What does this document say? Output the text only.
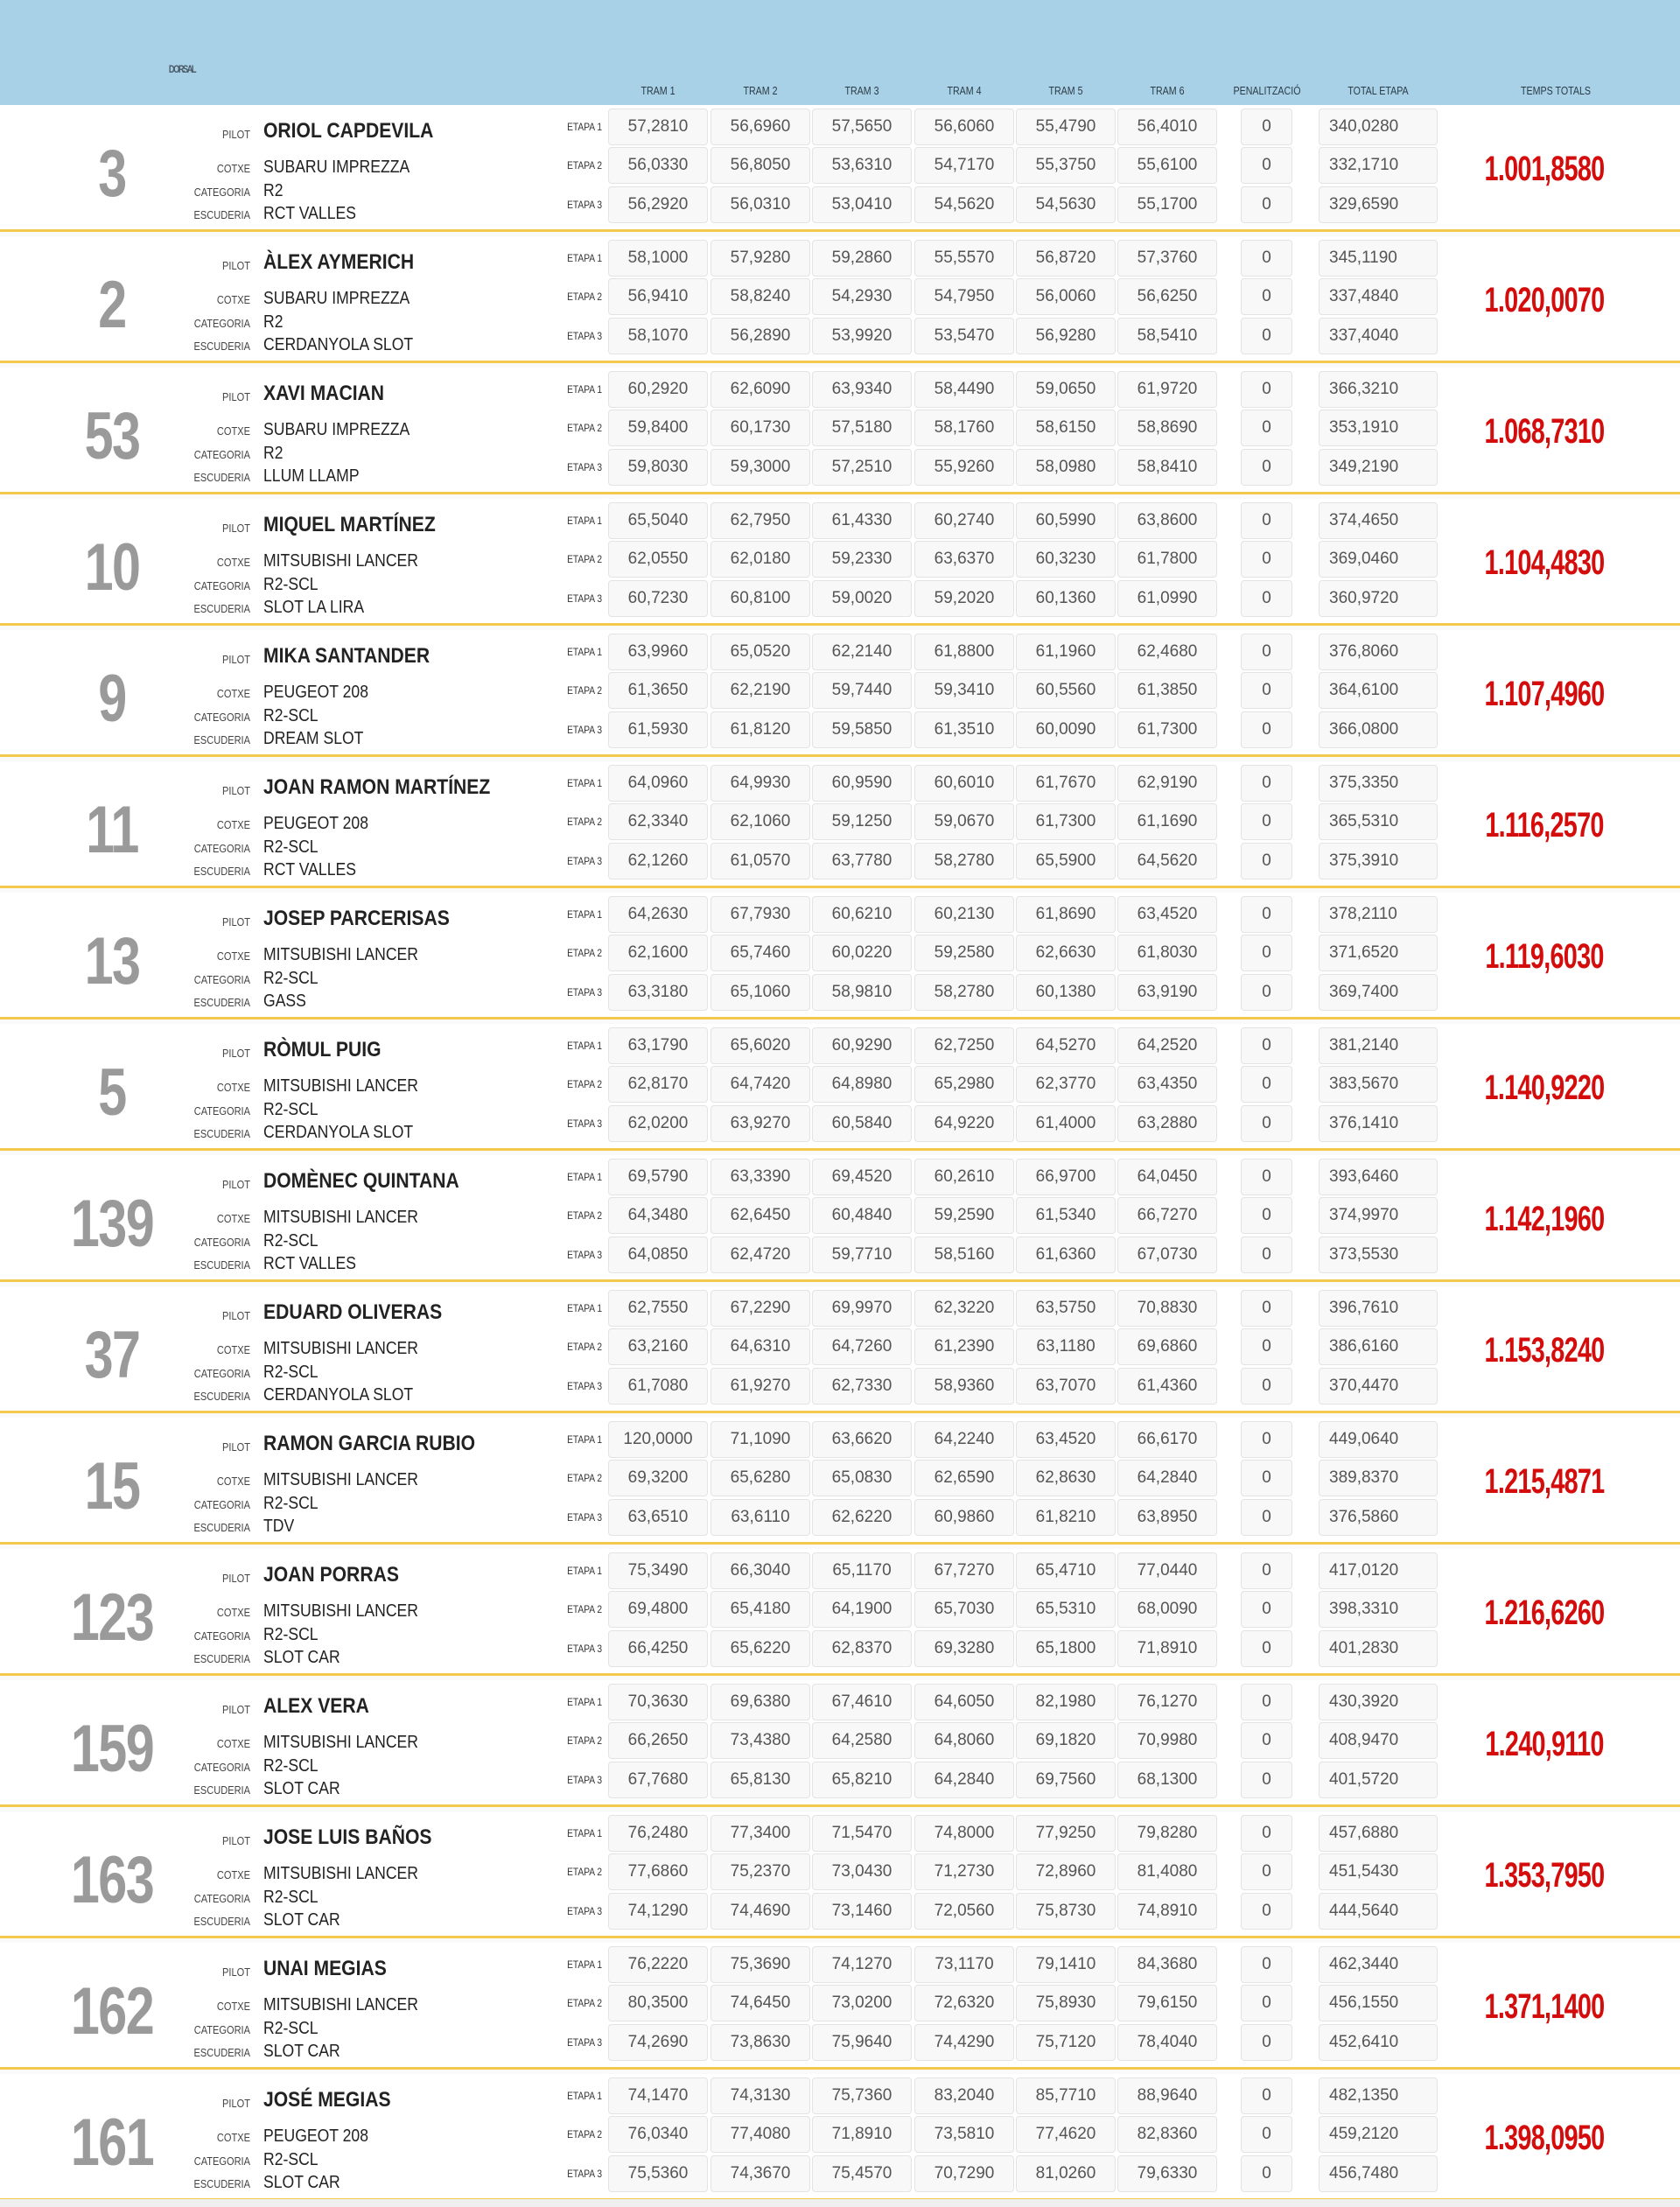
DORSAL
TRAM 1	TRAM 2	TRAM 3	TRAM 4	TRAM 5	TRAM 6	PENALITZACIÓ	TOTAL ETAPA	TEMPS TOTALS
3
PILOT ORIOL CAPDEVILA
COTXE SUBARU IMPREZZA
CATEGORIA R2
ESCUDERIA RCT VALLES
ETAPA 1	57,2810	56,6960	57,5650	56,6060	55,4790	56,4010	0	340,0280
ETAPA 2	56,0330	56,8050	53,6310	54,7170	55,3750	55,6100	0	332,1710
ETAPA 3	56,2920	56,0310	53,0410	54,5620	54,5630	55,1700	0	329,6590
1.001,8580
2
PILOT ÀLEX AYMERICH
COTXE SUBARU IMPREZZA
CATEGORIA R2
ESCUDERIA CERDANYOLA SLOT
ETAPA 1	58,1000	57,9280	59,2860	55,5570	56,8720	57,3760	0	345,1190
ETAPA 2	56,9410	58,8240	54,2930	54,7950	56,0060	56,6250	0	337,4840
ETAPA 3	58,1070	56,2890	53,9920	53,5470	56,9280	58,5410	0	337,4040
1.020,0070
53
PILOT XAVI MACIAN
COTXE SUBARU IMPREZZA
CATEGORIA R2
ESCUDERIA LLUM LLAMP
ETAPA 1	60,2920	62,6090	63,9340	58,4490	59,0650	61,9720	0	366,3210
ETAPA 2	59,8400	60,1730	57,5180	58,1760	58,6150	58,8690	0	353,1910
ETAPA 3	59,8030	59,3000	57,2510	55,9260	58,0980	58,8410	0	349,2190
1.068,7310
10
PILOT MIQUEL MARTÍNEZ
COTXE MITSUBISHI LANCER
CATEGORIA R2-SCL
ESCUDERIA SLOT LA LIRA
ETAPA 1	65,5040	62,7950	61,4330	60,2740	60,5990	63,8600	0	374,4650
ETAPA 2	62,0550	62,0180	59,2330	63,6370	60,3230	61,7800	0	369,0460
ETAPA 3	60,7230	60,8100	59,0020	59,2020	60,1360	61,0990	0	360,9720
1.104,4830
9
PILOT MIKA SANTANDER
COTXE PEUGEOT 208
CATEGORIA R2-SCL
ESCUDERIA DREAM SLOT
ETAPA 1	63,9960	65,0520	62,2140	61,8800	61,1960	62,4680	0	376,8060
ETAPA 2	61,3650	62,2190	59,7440	59,3410	60,5560	61,3850	0	364,6100
ETAPA 3	61,5930	61,8120	59,5850	61,3510	60,0090	61,7300	0	366,0800
1.107,4960
11
PILOT JOAN RAMON MARTÍNEZ
COTXE PEUGEOT 208
CATEGORIA R2-SCL
ESCUDERIA RCT VALLES
ETAPA 1	64,0960	64,9930	60,9590	60,6010	61,7670	62,9190	0	375,3350
ETAPA 2	62,3340	62,1060	59,1250	59,0670	61,7300	61,1690	0	365,5310
ETAPA 3	62,1260	61,0570	63,7780	58,2780	65,5900	64,5620	0	375,3910
1.116,2570
13
PILOT JOSEP PARCERISAS
COTXE MITSUBISHI LANCER
CATEGORIA R2-SCL
ESCUDERIA GASS
ETAPA 1	64,2630	67,7930	60,6210	60,2130	61,8690	63,4520	0	378,2110
ETAPA 2	62,1600	65,7460	60,0220	59,2580	62,6630	61,8030	0	371,6520
ETAPA 3	63,3180	65,1060	58,9810	58,2780	60,1380	63,9190	0	369,7400
1.119,6030
5
PILOT RÒMUL PUIG
COTXE MITSUBISHI LANCER
CATEGORIA R2-SCL
ESCUDERIA CERDANYOLA SLOT
ETAPA 1	63,1790	65,6020	60,9290	62,7250	64,5270	64,2520	0	381,2140
ETAPA 2	62,8170	64,7420	64,8980	65,2980	62,3770	63,4350	0	383,5670
ETAPA 3	62,0200	63,9270	60,5840	64,9220	61,4000	63,2880	0	376,1410
1.140,9220
139
PILOT DOMÈNEC QUINTANA
COTXE MITSUBISHI LANCER
CATEGORIA R2-SCL
ESCUDERIA RCT VALLES
ETAPA 1	69,5790	63,3390	69,4520	60,2610	66,9700	64,0450	0	393,6460
ETAPA 2	64,3480	62,6450	60,4840	59,2590	61,5340	66,7270	0	374,9970
ETAPA 3	64,0850	62,4720	59,7710	58,5160	61,6360	67,0730	0	373,5530
1.142,1960
37
PILOT EDUARD OLIVERAS
COTXE MITSUBISHI LANCER
CATEGORIA R2-SCL
ESCUDERIA CERDANYOLA SLOT
ETAPA 1	62,7550	67,2290	69,9970	62,3220	63,5750	70,8830	0	396,7610
ETAPA 2	63,2160	64,6310	64,7260	61,2390	63,1180	69,6860	0	386,6160
ETAPA 3	61,7080	61,9270	62,7330	58,9360	63,7070	61,4360	0	370,4470
1.153,8240
15
PILOT RAMON GARCIA RUBIO
COTXE MITSUBISHI LANCER
CATEGORIA R2-SCL
ESCUDERIA TDV
ETAPA 1	120,0000	71,1090	63,6620	64,2240	63,4520	66,6170	0	449,0640
ETAPA 2	69,3200	65,6280	65,0830	62,6590	62,8630	64,2840	0	389,8370
ETAPA 3	63,6510	63,6110	62,6220	60,9860	61,8210	63,8950	0	376,5860
1.215,4871
123
PILOT JOAN PORRAS
COTXE MITSUBISHI LANCER
CATEGORIA R2-SCL
ESCUDERIA SLOT CAR
ETAPA 1	75,3490	66,3040	65,1170	67,7270	65,4710	77,0440	0	417,0120
ETAPA 2	69,4800	65,4180	64,1900	65,7030	65,5310	68,0090	0	398,3310
ETAPA 3	66,4250	65,6220	62,8370	69,3280	65,1800	71,8910	0	401,2830
1.216,6260
159
PILOT ALEX VERA
COTXE MITSUBISHI LANCER
CATEGORIA R2-SCL
ESCUDERIA SLOT CAR
ETAPA 1	70,3630	69,6380	67,4610	64,6050	82,1980	76,1270	0	430,3920
ETAPA 2	66,2650	73,4380	64,2580	64,8060	69,1820	70,9980	0	408,9470
ETAPA 3	67,7680	65,8130	65,8210	64,2840	69,7560	68,1300	0	401,5720
1.240,9110
163
PILOT JOSE LUIS BAÑOS
COTXE MITSUBISHI LANCER
CATEGORIA R2-SCL
ESCUDERIA SLOT CAR
ETAPA 1	76,2480	77,3400	71,5470	74,8000	77,9250	79,8280	0	457,6880
ETAPA 2	77,6860	75,2370	73,0430	71,2730	72,8960	81,4080	0	451,5430
ETAPA 3	74,1290	74,4690	73,1460	72,0560	75,8730	74,8910	0	444,5640
1.353,7950
162
PILOT UNAI MEGIAS
COTXE MITSUBISHI LANCER
CATEGORIA R2-SCL
ESCUDERIA SLOT CAR
ETAPA 1	76,2220	75,3690	74,1270	73,1170	79,1410	84,3680	0	462,3440
ETAPA 2	80,3500	74,6450	73,0200	72,6320	75,8930	79,6150	0	456,1550
ETAPA 3	74,2690	73,8630	75,9640	74,4290	75,7120	78,4040	0	452,6410
1.371,1400
161
PILOT JOSÉ MEGIAS
COTXE PEUGEOT 208
CATEGORIA R2-SCL
ESCUDERIA SLOT CAR
ETAPA 1	74,1470	74,3130	75,7360	83,2040	85,7710	88,9640	0	482,1350
ETAPA 2	76,0340	77,4080	71,8910	73,5810	77,4620	82,8360	0	459,2120
ETAPA 3	75,5360	74,3670	75,4570	70,7290	81,0260	79,6330	0	456,7480
1.398,0950
